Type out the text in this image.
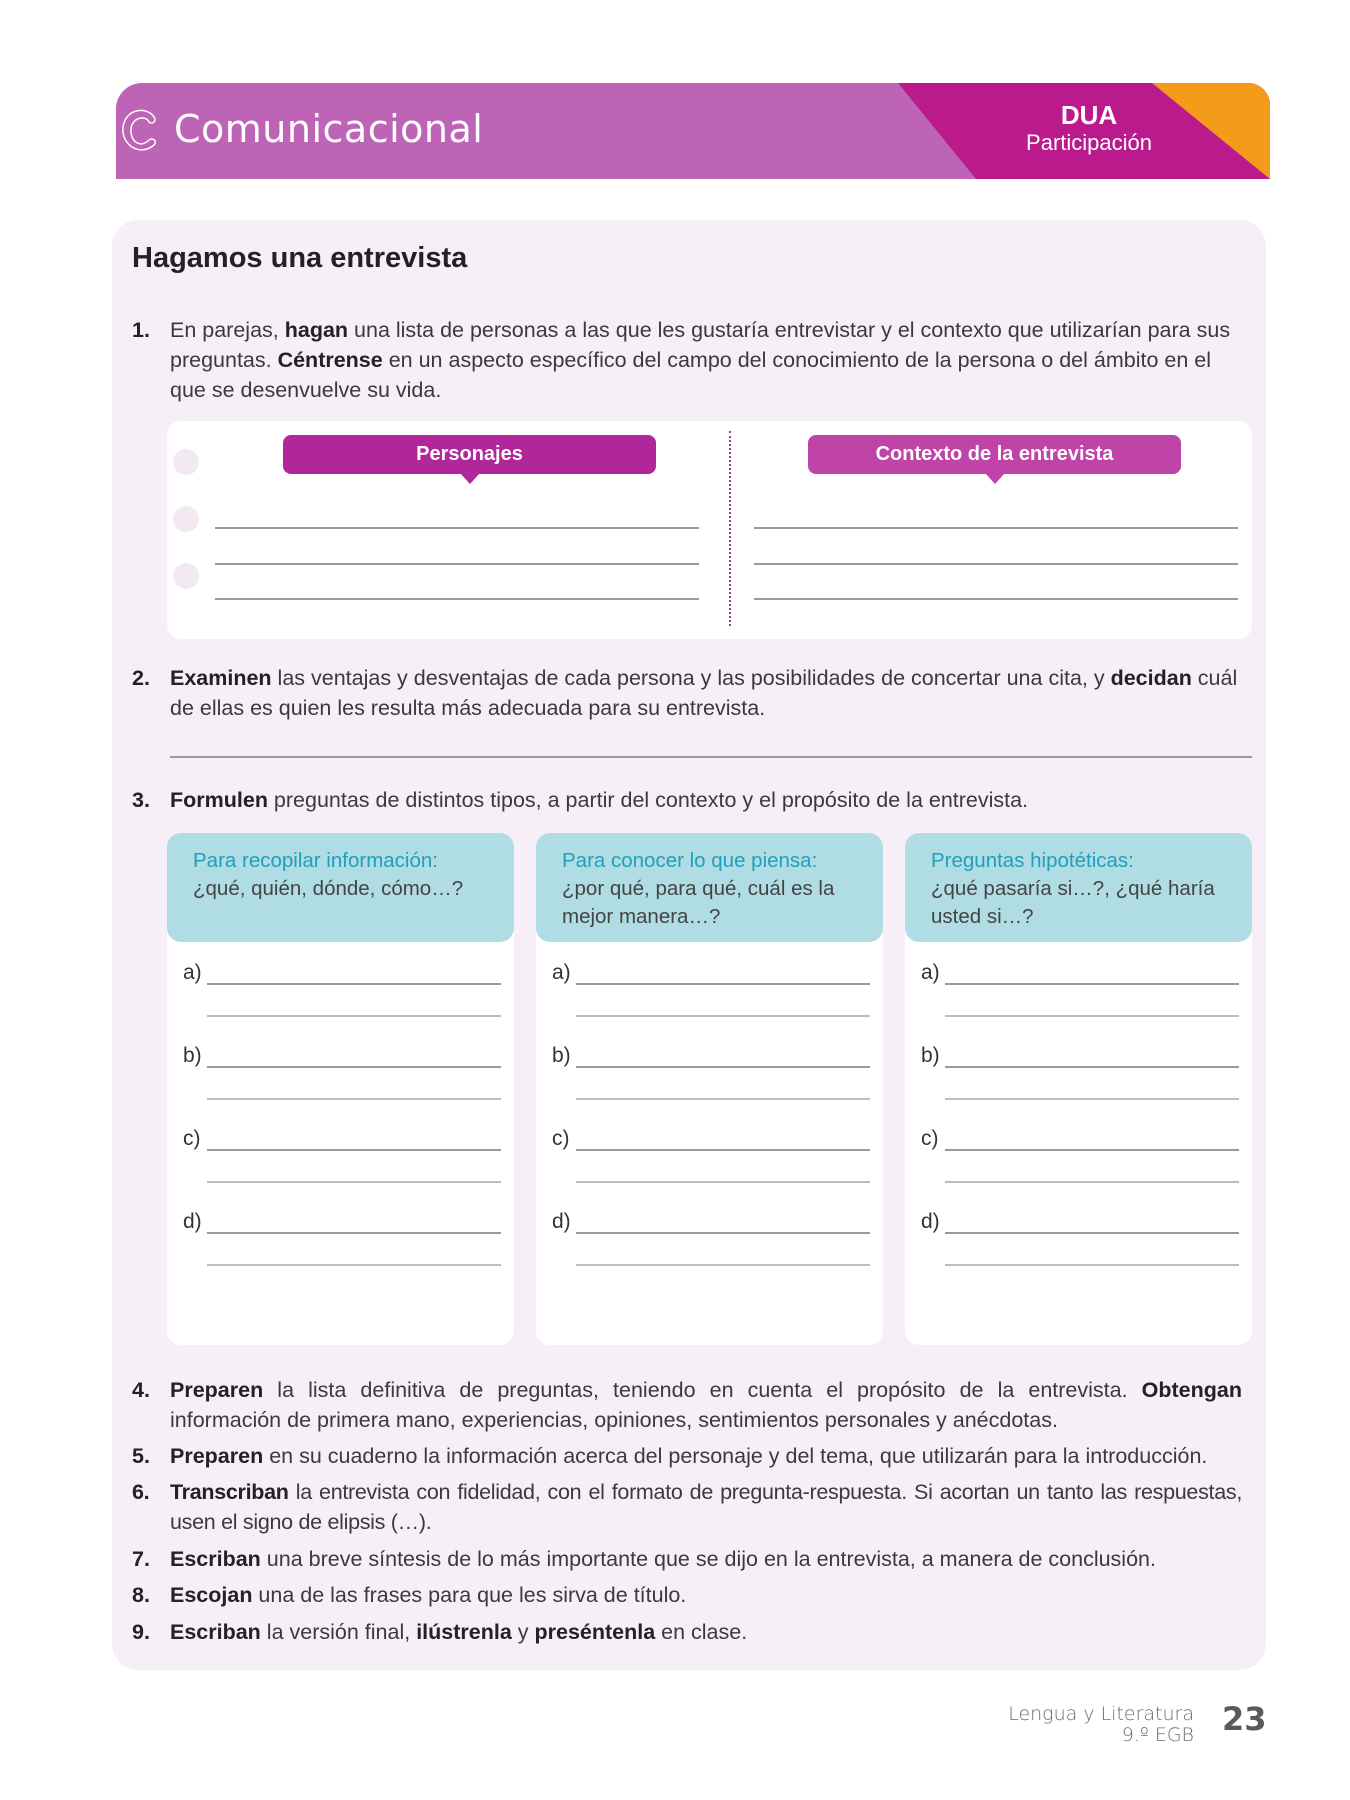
Comunicacional	DUA
Participación
Hagamos una entrevista
1. En parejas, hagan una lista de personas a las que les gustaría entrevistar y el contexto que utilizarían para sus preguntas. Céntrense en un aspecto específico del campo del conocimiento de la persona o del ámbito en el que se desenvuelve su vida.
Personajes	Contexto de la entrevista
2. Examinen las ventajas y desventajas de cada persona y las posibilidades de concertar una cita, y decidan cuál de ellas es quien les resulta más adecuada para su entrevista.
3. Formulen preguntas de distintos tipos, a partir del contexto y el propósito de la entrevista.
Para recopilar información:
¿qué, quién, dónde, cómo…?
a)
b)
c)
d)
Para conocer lo que piensa:
¿por qué, para qué, cuál es la mejor manera…?
a)
b)
c)
d)
Preguntas hipotéticas:
¿qué pasaría si…?, ¿qué haría usted si…?
a)
b)
c)
d)
4. Preparen la lista definitiva de preguntas, teniendo en cuenta el propósito de la entrevista. Obtengan información de primera mano, experiencias, opiniones, sentimientos personales y anécdotas.
5. Preparen en su cuaderno la información acerca del personaje y del tema, que utilizarán para la introducción.
6. Transcriban la entrevista con fidelidad, con el formato de pregunta-respuesta. Si acortan un tanto las respuestas, usen el signo de elipsis (…).
7. Escriban una breve síntesis de lo más importante que se dijo en la entrevista, a manera de conclusión.
8. Escojan una de las frases para que les sirva de título.
9. Escriban la versión final, ilústrenla y preséntenla en clase.
Lengua y Literatura
9.º EGB 23
